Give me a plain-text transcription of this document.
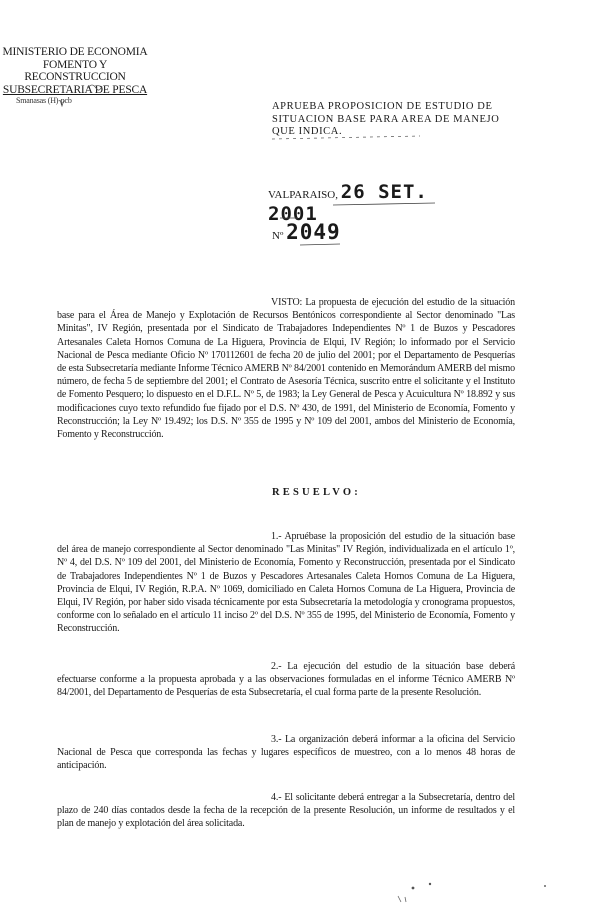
MINISTERIO DE ECONOMIA
FOMENTO Y RECONSTRUCCION
SUBSECRETARIA DE PESCA
Smanasas (H)-pcb
APRUEBA PROPOSICION DE ESTUDIO DE
SITUACION BASE PARA AREA DE MANEJO
QUE INDICA.
VALPARAISO, 26 SET. 2001
Nº 2049
VISTO: La propuesta de ejecución del estudio de la situación base para el Área de Manejo y Explotación de Recursos Bentónicos correspondiente al Sector denominado "Las Minitas", IV Región, presentada por el Sindicato de Trabajadores Independientes Nº 1 de Buzos y Pescadores Artesanales Caleta Hornos Comuna de La Higuera, Provincia de Elqui, IV Región; lo informado por el Servicio Nacional de Pesca mediante Oficio Nº 170112601 de fecha 20 de julio del 2001; por el Departamento de Pesquerías de esta Subsecretaría mediante Informe Técnico AMERB Nº 84/2001 contenido en Memorándum AMERB del mismo número, de fecha 5 de septiembre del 2001; el Contrato de Asesoría Técnica, suscrito entre el solicitante y el Instituto de Fomento Pesquero; lo dispuesto en el D.F.L. Nº 5, de 1983; la Ley General de Pesca y Acuicultura Nº 18.892 y sus modificaciones cuyo texto refundido fue fijado por el D.S. Nº 430, de 1991, del Ministerio de Economía, Fomento y Reconstrucción; la Ley Nº 19.492; los D.S. Nº 355 de 1995 y Nº 109 del 2001, ambos del Ministerio de Economía, Fomento y Reconstrucción.
RESUELVO:
1.- Apruébase la proposición del estudio de la situación base del área de manejo correspondiente al Sector denominado "Las Minitas" IV Región, individualizada en el artículo 1º, Nº 4, del D.S. Nº 109 del 2001, del Ministerio de Economía, Fomento y Reconstrucción, presentada por el Sindicato de Trabajadores Independientes Nº 1 de Buzos y Pescadores Artesanales Caleta Hornos Comuna de La Higuera, Provincia de Elqui, IV Región, R.P.A. Nº 1069, domiciliado en Caleta Hornos Comuna de La Higuera, Provincia de Elqui, IV Región, por haber sido visada técnicamente por esta Subsecretaría la metodología y cronograma propuestos, conforme con lo señalado en el artículo 11 inciso 2º del D.S. Nº 355 de 1995, del Ministerio de Economía, Fomento y Reconstrucción.
2.- La ejecución del estudio de la situación base deberá efectuarse conforme a la propuesta aprobada y a las observaciones formuladas en el informe Técnico AMERB Nº 84/2001, del Departamento de Pesquerías de esta Subsecretaría, el cual forma parte de la presente Resolución.
3.- La organización deberá informar a la oficina del Servicio Nacional de Pesca que corresponda las fechas y lugares específicos de muestreo, con a lo menos 48 horas de anticipación.
4.- El solicitante deberá entregar a la Subsecretaría, dentro del plazo de 240 días contados desde la fecha de la recepción de la presente Resolución, un informe de resultados y el plan de manejo y explotación del área solicitada.
